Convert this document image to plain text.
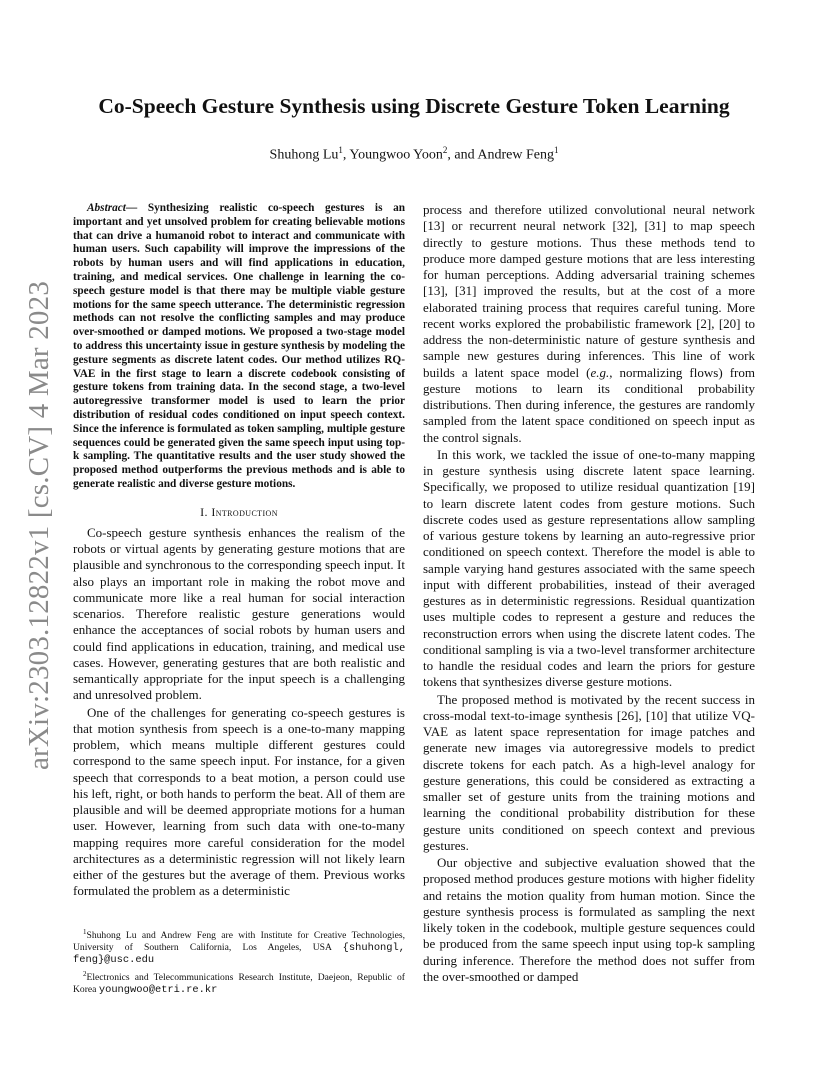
arXiv:2303.12822v1 [cs.CV] 4 Mar 2023
Co-Speech Gesture Synthesis using Discrete Gesture Token Learning
Shuhong Lu$^1$, Youngwoo Yoon$^2$, and Andrew Feng$^1$

Abstract— Synthesizing realistic co-speech gestures is an important and yet unsolved problem for creating believable motions that can drive a humanoid robot to interact and communicate with human users. Such capability will improve the impressions of the robots by human users and will find applications in education, training, and medical services. One challenge in learning the co-speech gesture model is that there may be multiple viable gesture motions for the same speech utterance. The deterministic regression methods can not resolve the conflicting samples and may produce over-smoothed or damped motions. We proposed a two-stage model to address this uncertainty issue in gesture synthesis by modeling the gesture segments as discrete latent codes. Our method utilizes RQ-VAE in the first stage to learn a discrete codebook consisting of gesture tokens from training data. In the second stage, a two-level autoregressive transformer model is used to learn the prior distribution of residual codes conditioned on input speech context. Since the inference is formulated as token sampling, multiple gesture sequences could be generated given the same speech input using top-k sampling. The quantitative results and the user study showed the proposed method outperforms the previous methods and is able to generate realistic and diverse gesture motions.

I. Introduction

Co-speech gesture synthesis enhances the realism of the robots or virtual agents by generating gesture motions that are plausible and synchronous to the corresponding speech input. It also plays an important role in making the robot move and communicate more like a real human for social interaction scenarios. Therefore realistic gesture generations would enhance the acceptances of social robots by human users and could find applications in education, training, and medical use cases. However, generating gestures that are both realistic and semantically appropriate for the input speech is a challenging and unresolved problem.

One of the challenges for generating co-speech gestures is that motion synthesis from speech is a one-to-many mapping problem, which means multiple different gestures could correspond to the same speech input. For instance, for a given speech that corresponds to a beat motion, a person could use his left, right, or both hands to perform the beat. All of them are plausible and will be deemed appropriate motions for a human user. However, learning from such data with one-to-many mapping requires more careful consideration for the model architectures as a deterministic regression will not likely learn either of the gestures but the average of them. Previous works formulated the problem as a deterministic

$^1$Shuhong Lu and Andrew Feng are with Institute for Creative Technologies, University of Southern California, Los Angeles, USA {shuhongl, feng}@usc.edu

$^2$Electronics and Telecommunications Research Institute, Daejeon, Republic of Korea youngwoo@etri.re.kr

process and therefore utilized convolutional neural network [13] or recurrent neural network [32], [31] to map speech directly to gesture motions. Thus these methods tend to produce more damped gesture motions that are less interesting for human perceptions. Adding adversarial training schemes [13], [31] improved the results, but at the cost of a more elaborated training process that requires careful tuning. More recent works explored the probabilistic framework [2], [20] to address the non-deterministic nature of gesture synthesis and sample new gestures during inferences. This line of work builds a latent space model (e.g., normalizing flows) from gesture motions to learn its conditional probability distributions. Then during inference, the gestures are randomly sampled from the latent space conditioned on speech input as the control signals.

In this work, we tackled the issue of one-to-many mapping in gesture synthesis using discrete latent space learning. Specifically, we proposed to utilize residual quantization [19] to learn discrete latent codes from gesture motions. Such discrete codes used as gesture representations allow sampling of various gesture tokens by learning an auto-regressive prior conditioned on speech context. Therefore the model is able to sample varying hand gestures associated with the same speech input with different probabilities, instead of their averaged gestures as in deterministic regressions. Residual quantization uses multiple codes to represent a gesture and reduces the reconstruction errors when using the discrete latent codes. The conditional sampling is via a two-level transformer architecture to handle the residual codes and learn the priors for gesture tokens that synthesizes diverse gesture motions.

The proposed method is motivated by the recent success in cross-modal text-to-image synthesis [26], [10] that utilize VQ-VAE as latent space representation for image patches and generate new images via autoregressive models to predict discrete tokens for each patch. As a high-level analogy for gesture generations, this could be considered as extracting a smaller set of gesture units from the training motions and learning the conditional probability distribution for these gesture units conditioned on speech context and previous gestures.

Our objective and subjective evaluation showed that the proposed method produces gesture motions with higher fidelity and retains the motion quality from human motion. Since the gesture synthesis process is formulated as sampling the next likely token in the codebook, multiple gesture sequences could be produced from the same speech input using top-k sampling during inference. Therefore the method does not suffer from the over-smoothed or damped
